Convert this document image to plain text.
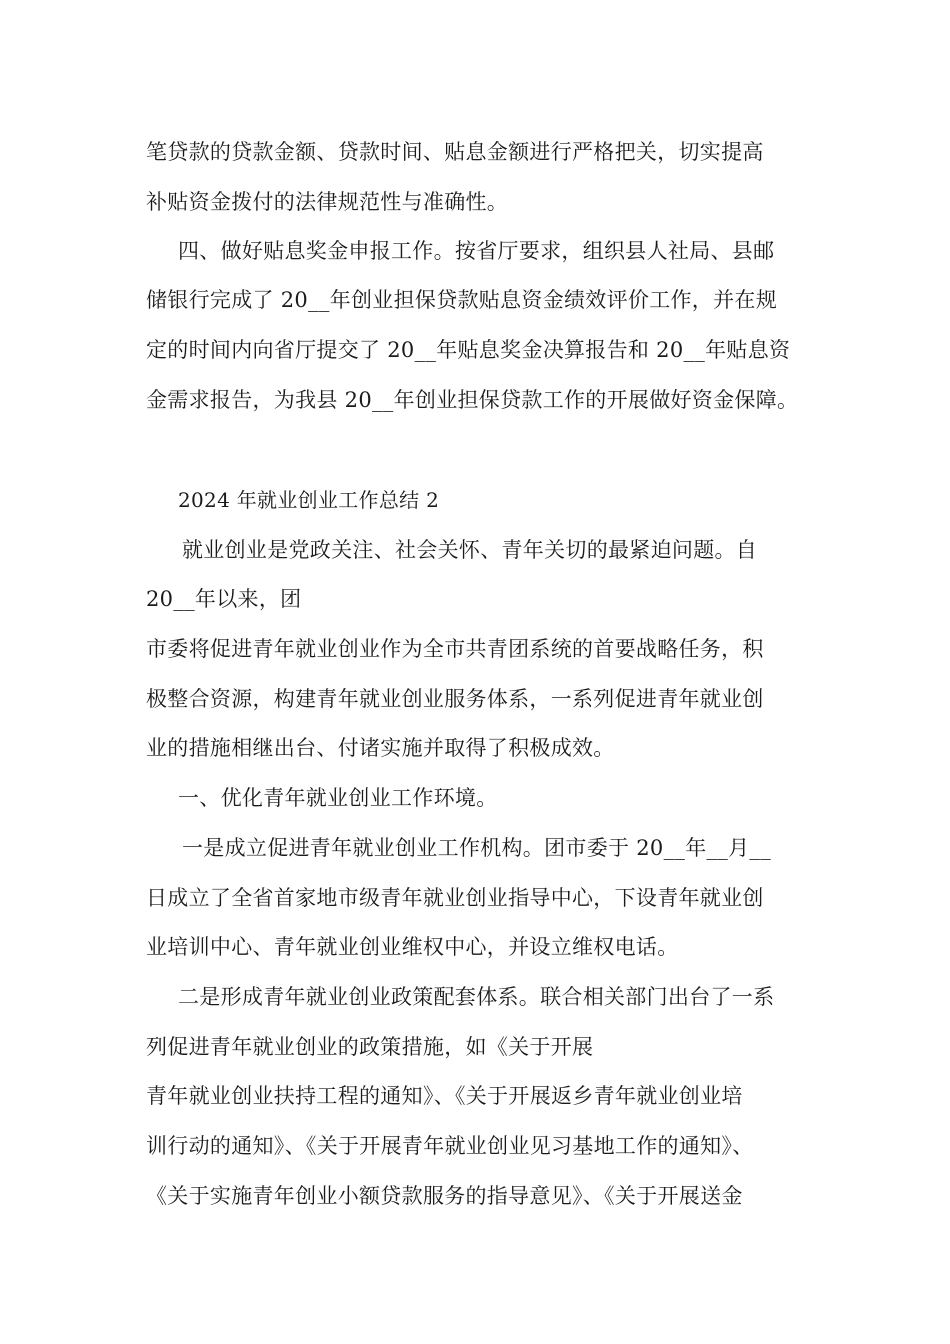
笔贷款的贷款金额、贷款时间、贴息金额进行严格把关，切实提高
补贴资金拨付的法律规范性与准确性。
四、做好贴息奖金申报工作。按省厅要求，组织县人社局、县邮
储银行完成了 20__年创业担保贷款贴息资金绩效评价工作，并在规
定的时间内向省厅提交了 20__年贴息奖金决算报告和 20__年贴息资
金需求报告，为我县 20__年创业担保贷款工作的开展做好资金保障。
2024 年就业创业工作总结 2
就业创业是党政关注、社会关怀、青年关切的最紧迫问题。自
20__年以来，团
市委将促进青年就业创业作为全市共青团系统的首要战略任务，积
极整合资源，构建青年就业创业服务体系，一系列促进青年就业创
业的措施相继出台、付诸实施并取得了积极成效。
一、优化青年就业创业工作环境。
一是成立促进青年就业创业工作机构。团市委于 20__年__月__
日成立了全省首家地市级青年就业创业指导中心，下设青年就业创
业培训中心、青年就业创业维权中心，并设立维权电话。
二是形成青年就业创业政策配套体系。联合相关部门出台了一系
列促进青年就业创业的政策措施，如《关于开展
青年就业创业扶持工程的通知》、《关于开展返乡青年就业创业培
训行动的通知》、《关于开展青年就业创业见习基地工作的通知》、
《关于实施青年创业小额贷款服务的指导意见》、《关于开展送金
